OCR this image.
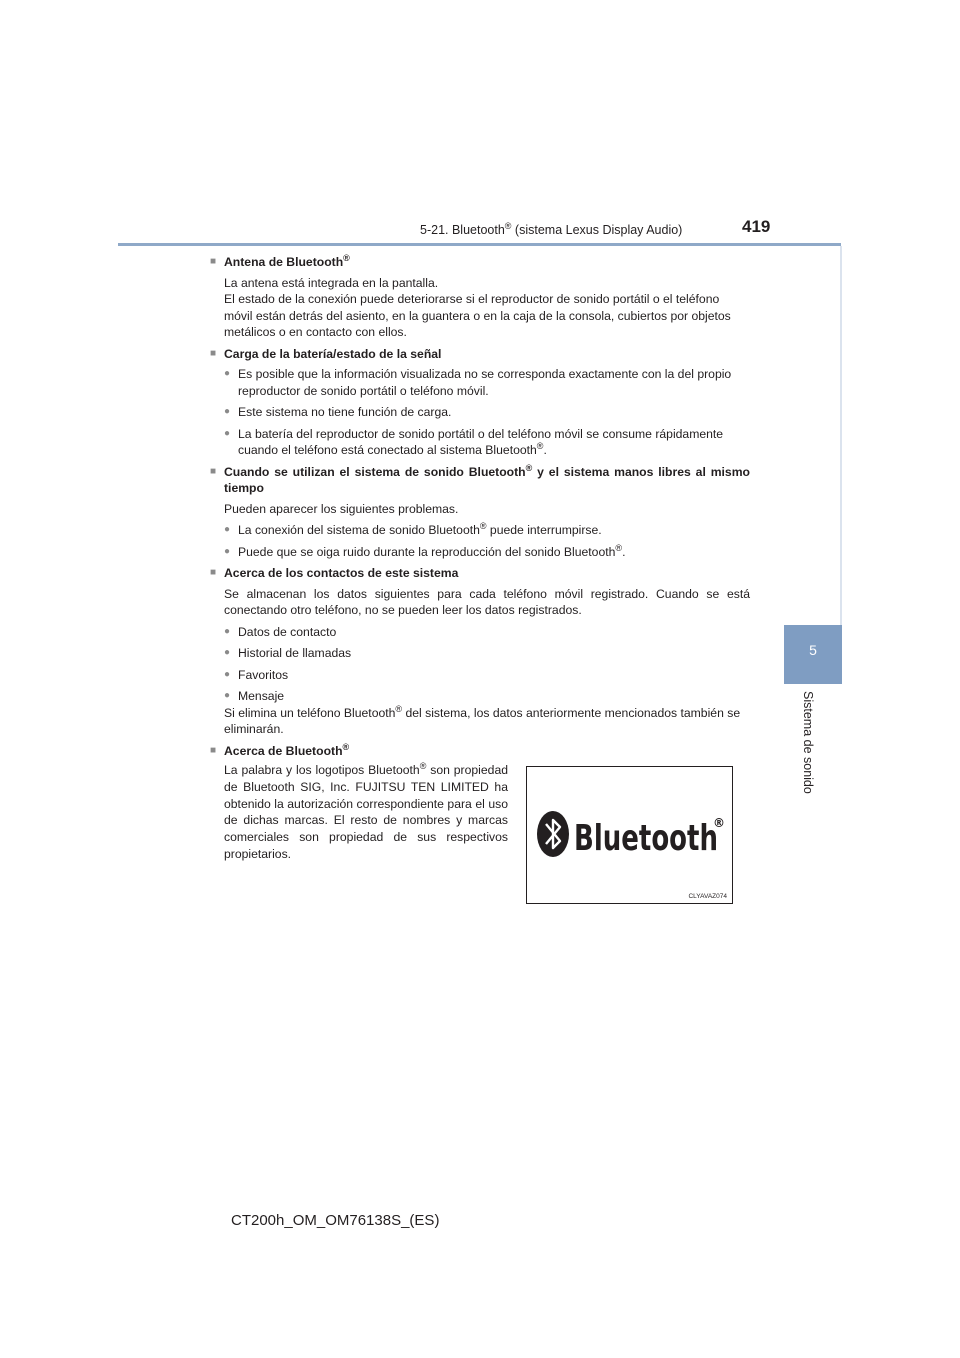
5-21. Bluetooth® (sistema Lexus Display Audio)	419
5
Sistema de sonido
■ Antena de Bluetooth®
La antena está integrada en la pantalla.
El estado de la conexión puede deteriorarse si el reproductor de sonido portátil o el teléfono móvil están detrás del asiento, en la guantera o en la caja de la consola, cubiertos por objetos metálicos o en contacto con ellos.
■ Carga de la batería/estado de la señal
● Es posible que la información visualizada no se corresponda exactamente con la del propio reproductor de sonido portátil o teléfono móvil.
● Este sistema no tiene función de carga.
● La batería del reproductor de sonido portátil o del teléfono móvil se consume rápidamente cuando el teléfono está conectado al sistema Bluetooth®.
■ Cuando se utilizan el sistema de sonido Bluetooth® y el sistema manos libres al mismo tiempo
Pueden aparecer los siguientes problemas.
● La conexión del sistema de sonido Bluetooth® puede interrumpirse.
● Puede que se oiga ruido durante la reproducción del sonido Bluetooth®.
■ Acerca de los contactos de este sistema
Se almacenan los datos siguientes para cada teléfono móvil registrado. Cuando se está conectando otro teléfono, no se pueden leer los datos registrados.
● Datos de contacto
● Historial de llamadas
● Favoritos
● Mensaje
Si elimina un teléfono Bluetooth® del sistema, los datos anteriormente mencionados también se eliminarán.
■ Acerca de Bluetooth®
La palabra y los logotipos Bluetooth® son propiedad de Bluetooth SIG, Inc. FUJITSU TEN LIMITED ha obtenido la autorización correspondiente para el uso de dichas marcas. El resto de nombres y marcas comerciales son propiedad de sus respectivos propietarios.	Bluetooth
®
CLYAVAZ074
CT200h_OM_OM76138S_(ES)
